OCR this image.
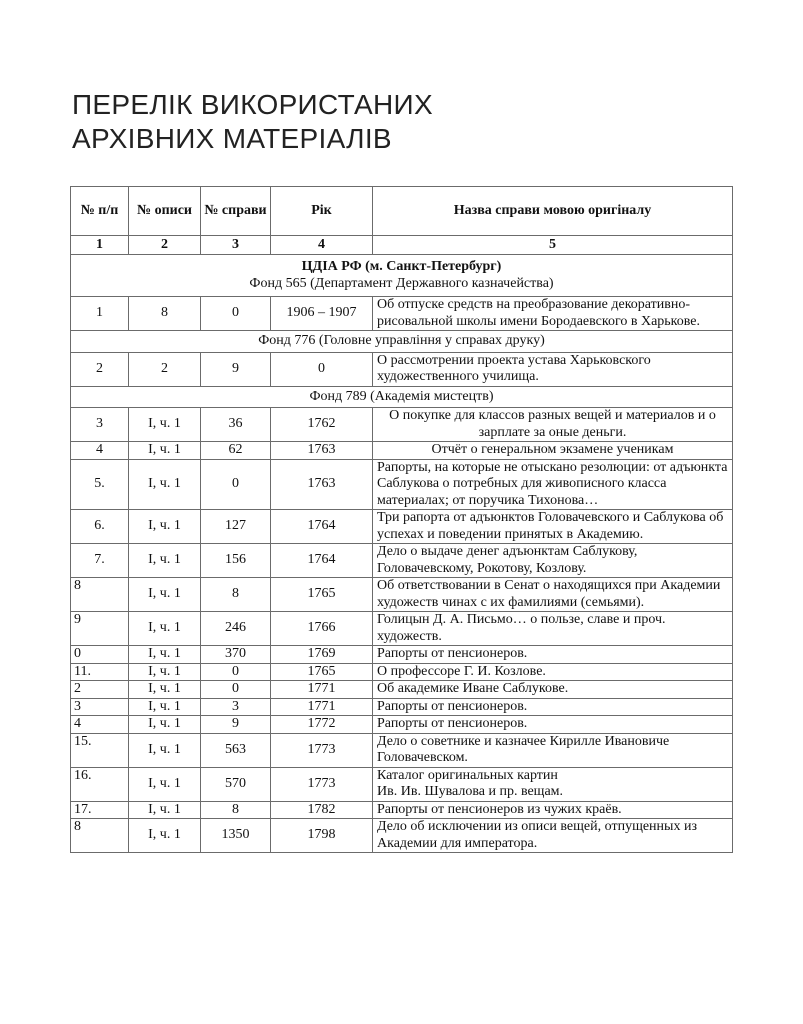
ПЕРЕЛІК ВИКОРИСТАНИХ
АРХІВНИХ МАТЕРІАЛІВ
№ п/п	№ описи	№ справи	Рік	Назва справи мовою оригіналу
1	2	3	4	5

ЦДІА РФ (м. Санкт-Петербург)
Фонд 565 (Департамент Державного казначейства)				

1	8	0	1906 – 1907	Об отпуске средств на преобразование декоративно-рисовальной школы имени Бородаевского в Харькове.
Фонд 776 (Головне управління у справах друку)				
2	2	9	0	О рассмотрении проекта устава Харьковского художественного училища.
Фонд 789 (Академія мистецтв)				
3	I, ч. 1	36	1762	О покупке для классов разных вещей и материалов и о зарплате за оные деньги.
4	I, ч. 1	62	1763	Отчёт о генеральном экзамене ученикам
5.	I, ч. 1	0	1763	Рапорты, на которые не отыскано резолюции: от адъюнкта Саблукова о потребных для живописного класса материалах; от поручика Тихонова…
6.	I, ч. 1	127	1764	Три рапорта от адъюнктов Головачевского и Саблукова об успехах и поведении принятых в Академию.
7.	I, ч. 1	156	1764	Дело о выдаче денег адъюнктам Саблукову, Головачевскому, Рокотову, Козлову.
8	I, ч. 1	8	1765	Об ответствовании в Сенат о находящихся при Академии художеств чинах с их фамилиями (семьями).
9	I, ч. 1	246	1766	Голицын Д. А. Письмо… о пользе, славе и проч. художеств.
0	I, ч. 1	370	1769	Рапорты от пенсионеров.
11.	I, ч. 1	0	1765	О профессоре Г. И. Козлове.
2	I, ч. 1	0	1771	Об академике Иване Саблукове.
3	I, ч. 1	3	1771	Рапорты от пенсионеров.
4	I, ч. 1	9	1772	Рапорты от пенсионеров.
15.	I, ч. 1	563	1773	Дело о советнике и казначее Кирилле Ивановиче Головачевском.
16.	I, ч. 1	570	1773	Каталог оригинальных картин
Ив. Ив. Шувалова и пр. вещам.

17.	I, ч. 1	8	1782	Рапорты от пенсионеров из чужих краёв.
8	I, ч. 1	1350	1798	Дело об исключении из описи вещей, отпущенных из Академии для императора.
